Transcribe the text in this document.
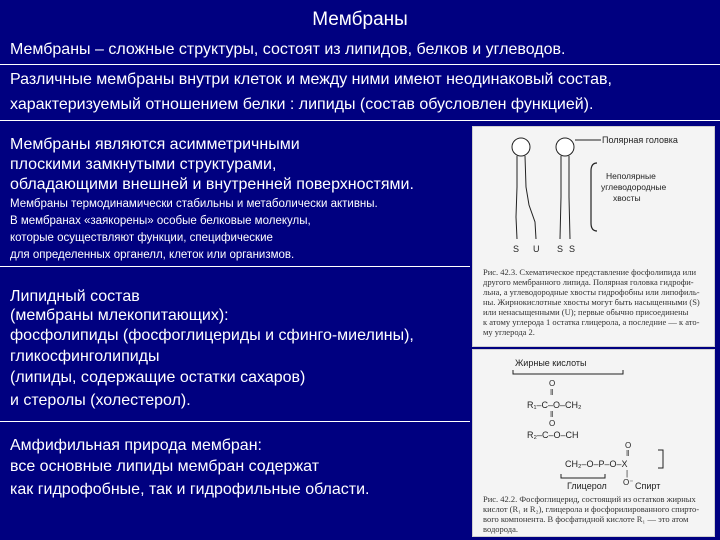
Мембраны
Мембраны – сложные структуры, состоят из липидов, белков и углеводов.
Различные мембраны внутри клеток и между ними имеют неодинаковый состав,
характеризуемый отношением белки : липиды (состав обусловлен функцией).
Мембраны являются асимметричными
плоскими замкнутыми структурами,
обладающими внешней и внутренней поверхностями.
Мембраны термодинамически стабильны и метаболически активны.
В мембранах «заякорены» особые белковые молекулы,
которые осуществляют функции, специфические
для определенных органелл, клеток или организмов.
Липидный состав
(мембраны млекопитающих):
фосфолипиды (фосфоглицериды и сфинго-миелины),
гликосфинголипиды
(липиды, содержащие остатки сахаров)
и стеролы (холестерол).
Амфифильная природа мембран:
все основные липиды мембран содержат
как гидрофобные, так и гидрофильные области.
Полярная головка
Неполярные
углеводородные
хвосты
S U S S
Рис. 42.3. Схематическое представление фосфолипида или
другого мембранного липида. Полярная головка гидрофи-
льна, а углеводородные хвосты гидрофобны или липофиль-
ны. Жирнокислотные хвосты могут быть насыщенными (S)
или ненасыщенными (U); первые обычно присоединены
к атому углерода 1 остатка глицерола, а последние — к ато-
му углерода 2.
Жирные кислоты
O
‖
R₁–C–O–CH₂
‖
O
R₂–C–O–CH
O
‖
CH₂–O–P–O–X
|
O⁻
Глицерол	Спирт
Рис. 42.2. Фосфоглицерид, состоящий из остатков жирных
кислот (R₁ и R₂), глицерола и фосфорилированного спирто-
вого компонента. В фосфатидной кислоте R₁ — это атом
водорода.
